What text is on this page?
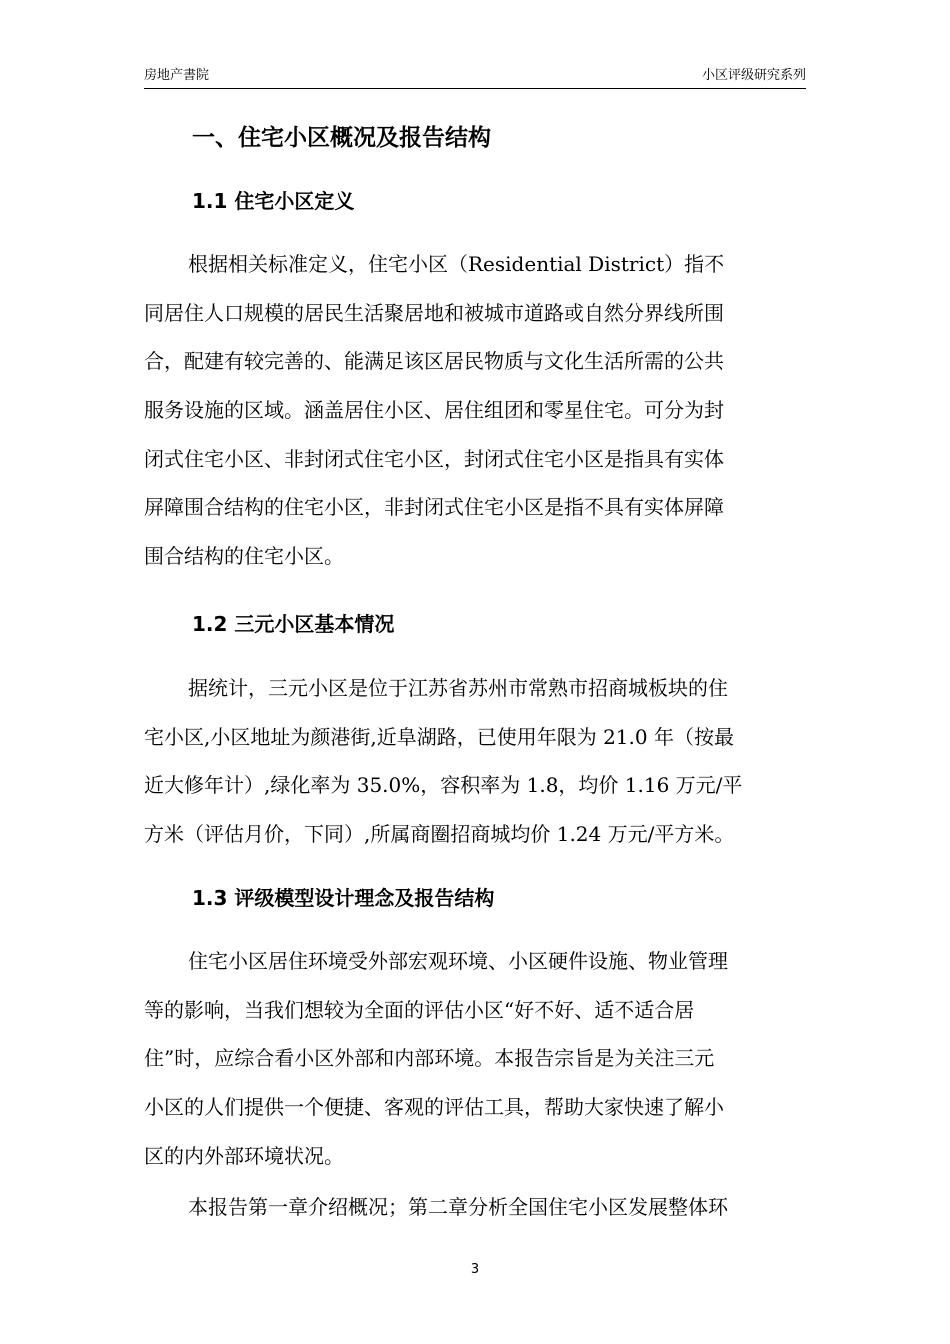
房地产書院	小区评级研究系列
一、住宅小区概况及报告结构
1.1 住宅小区定义
根据相关标准定义，住宅小区（Residential District）指不
同居住人口规模的居民生活聚居地和被城市道路或自然分界线所围
合，配建有较完善的、能满足该区居民物质与文化生活所需的公共
服务设施的区域。涵盖居住小区、居住组团和零星住宅。可分为封
闭式住宅小区、非封闭式住宅小区，封闭式住宅小区是指具有实体
屏障围合结构的住宅小区，非封闭式住宅小区是指不具有实体屏障
围合结构的住宅小区。
1.2 三元小区基本情况
据统计，三元小区是位于江苏省苏州市常熟市招商城板块的住
宅小区,小区地址为颜港街,近阜湖路，已使用年限为 21.0 年（按最
近大修年计）,绿化率为 35.0%，容积率为 1.8，均价 1.16 万元/平
方米（评估月价，下同）,所属商圈招商城均价 1.24 万元/平方米。
1.3 评级模型设计理念及报告结构
住宅小区居住环境受外部宏观环境、小区硬件设施、物业管理
等的影响，当我们想较为全面的评估小区“好不好、适不适合居
住”时，应综合看小区外部和内部环境。本报告宗旨是为关注三元
小区的人们提供一个便捷、客观的评估工具，帮助大家快速了解小
区的内外部环境状况。
本报告第一章介绍概况；第二章分析全国住宅小区发展整体环
3
